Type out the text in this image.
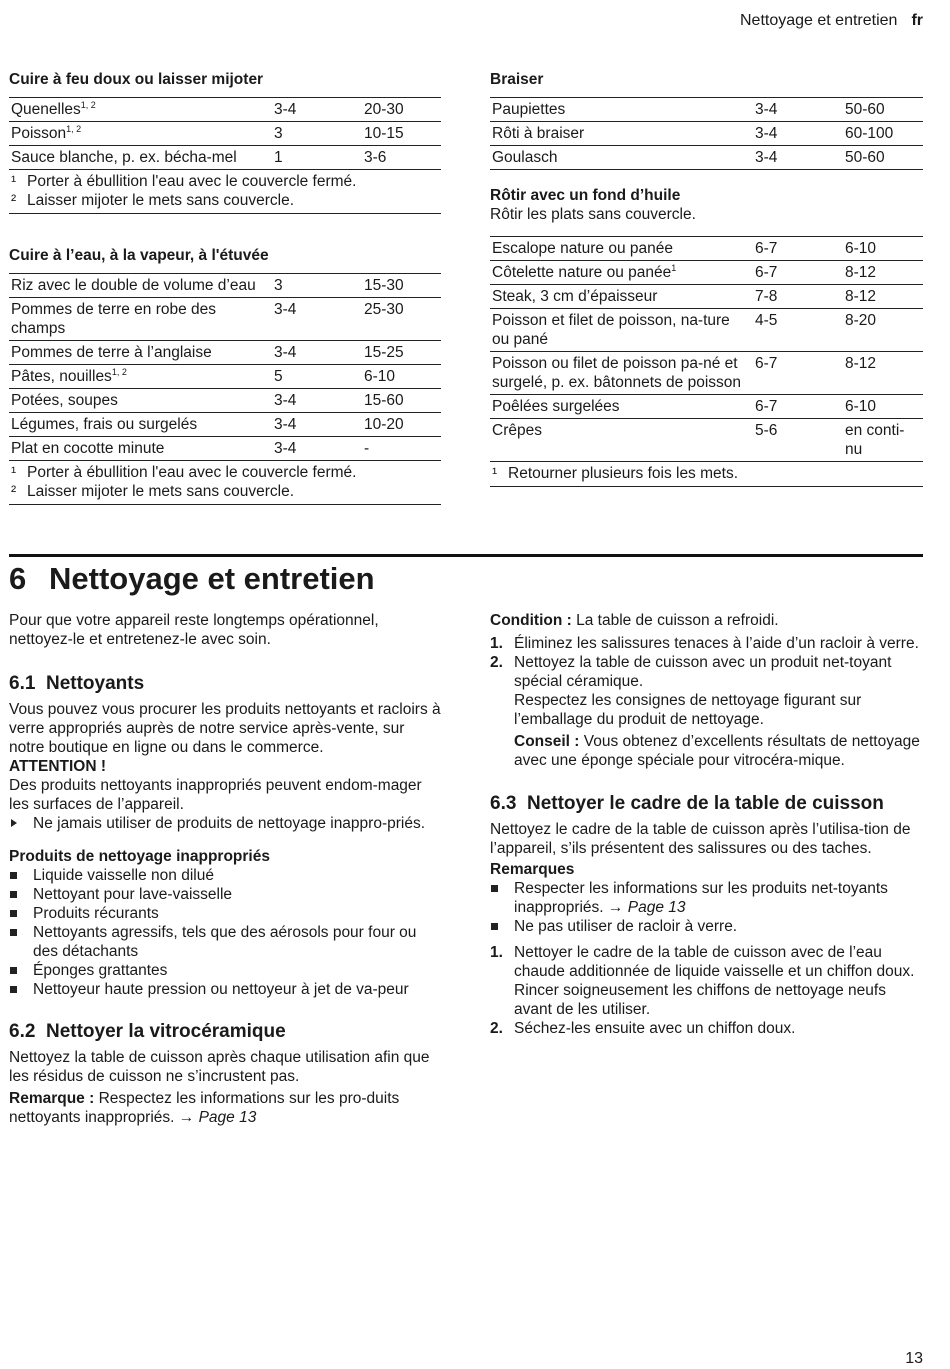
Nettoyage et entretien fr
Cuire à feu doux ou laisser mijoter
Quenelles$^{1, 2}$	3-4	20-30
Poisson$^{1, 2}$	3	10-15
Sauce blanche, p. ex. bécha-mel	1	3-6
¹ Porter à ébullition l'eau avec le couvercle fermé.
² Laisser mijoter le mets sans couvercle.
Cuire à l’eau, à la vapeur, à l'étuvée
Riz avec le double de volume d’eau	3	15-30
Pommes de terre en robe des champs	3-4	25-30
Pommes de terre à l’anglaise	3-4	15-25
Pâtes, nouilles$^{1, 2}$	5	6-10
Potées, soupes	3-4	15-60
Légumes, frais ou surgelés	3-4	10-20
Plat en cocotte minute	3-4	-
¹ Porter à ébullition l'eau avec le couvercle fermé.
² Laisser mijoter le mets sans couvercle.
Braiser
Paupiettes	3-4	50-60
Rôti à braiser	3-4	60-100
Goulasch	3-4	50-60
Rôtir avec un fond d’huile
Rôtir les plats sans couvercle.
Escalope nature ou panée	6-7	6-10
Côtelette nature ou panée$^1$	6-7	8-12
Steak, 3 cm d’épaisseur	7-8	8-12
Poisson et filet de poisson, na-ture ou pané	4-5	8-20
Poisson ou filet de poisson pa-né et surgelé, p. ex. bâtonnets de poisson	6-7	8-12
Poêlées surgelées	6-7	6-10
Crêpes	5-6	en conti-nu
¹ Retourner plusieurs fois les mets.
6 Nettoyage et entretien

Pour que votre appareil reste longtemps opérationnel, nettoyez-le et entretenez-le avec soin.

6.1 Nettoyants

Vous pouvez vous procurer les produits nettoyants et racloirs à verre appropriés auprès de notre service après-vente, sur notre boutique en ligne ou dans le commerce.

ATTENTION !

Des produits nettoyants inappropriés peuvent endom-mager les surfaces de l’appareil.

Ne jamais utiliser de produits de nettoyage inappro-priés.

Produits de nettoyage inappropriés

Liquide vaisselle non dilué
Nettoyant pour lave-vaisselle
Produits récurants
Nettoyants agressifs, tels que des aérosols pour four ou des détachants
Éponges grattantes
Nettoyeur haute pression ou nettoyeur à jet de va-peur
6.2 Nettoyer la vitrocéramique

Nettoyez la table de cuisson après chaque utilisation afin que les résidus de cuisson ne s’incrustent pas.

Remarque : Respectez les informations sur les pro-duits nettoyants inappropriés. → Page 13

Condition : La table de cuisson a refroidi.

1. Éliminez les salissures tenaces à l’aide d’un racloir à verre.
2. Nettoyez la table de cuisson avec un produit net-toyant spécial céramique.
Respectez les consignes de nettoyage figurant sur l’emballage du produit de nettoyage.
Conseil : Vous obtenez d’excellents résultats de nettoyage avec une éponge spéciale pour vitrocéra-mique.
6.3 Nettoyer le cadre de la table de cuisson

Nettoyez le cadre de la table de cuisson après l’utilisa-tion de l’appareil, s’ils présentent des salissures ou des taches.

Remarques

Respecter les informations sur les produits net-toyants inappropriés. → Page 13
Ne pas utiliser de racloir à verre.
1. Nettoyer le cadre de la table de cuisson avec de l’eau chaude additionnée de liquide vaisselle et un chiffon doux.
Rincer soigneusement les chiffons de nettoyage neufs avant de les utiliser.
2. Séchez-les ensuite avec un chiffon doux.
13
